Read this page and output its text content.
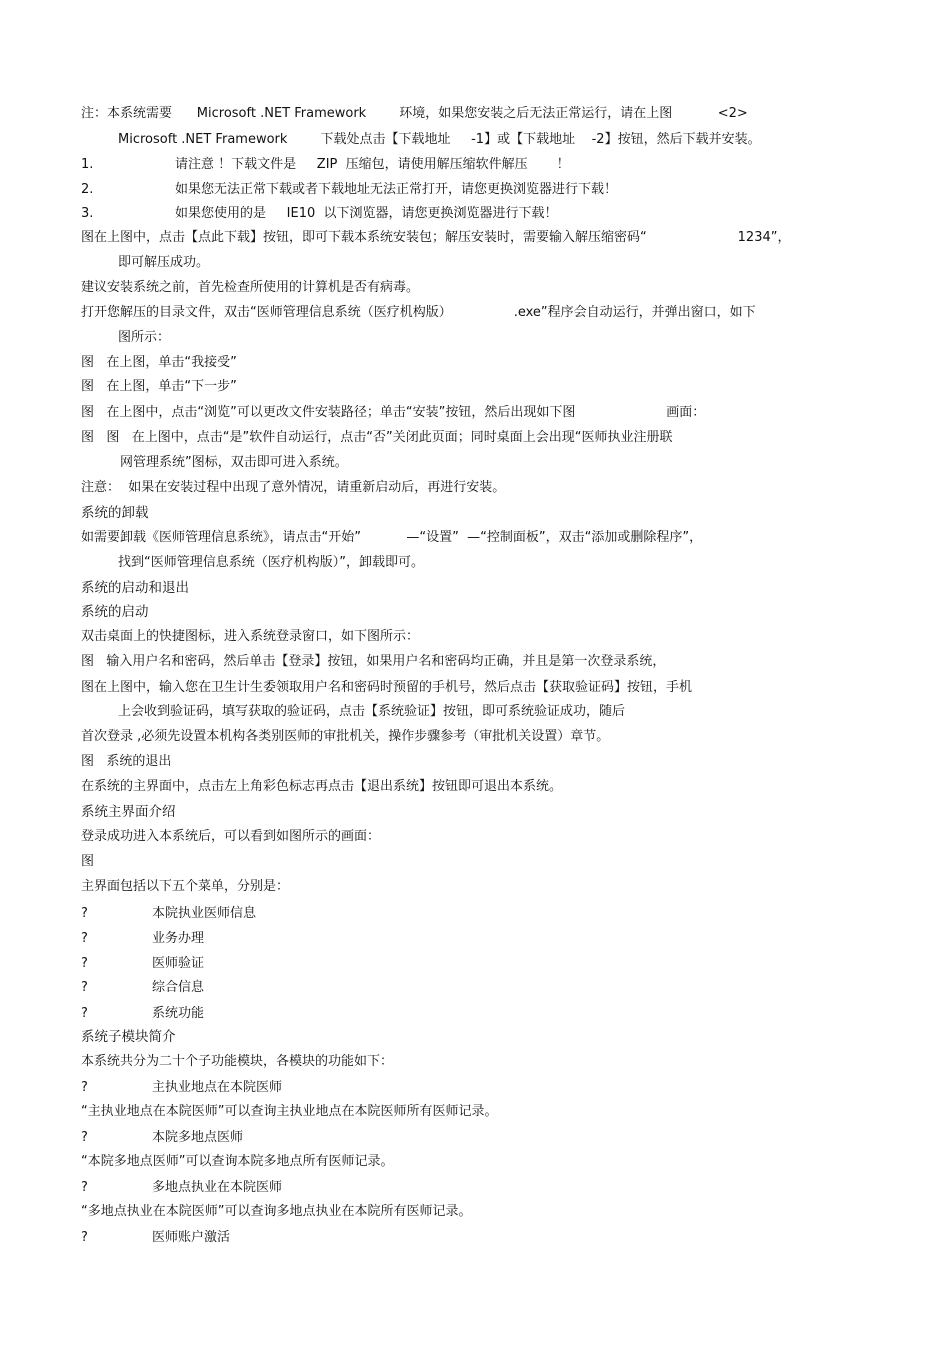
注：本系统需要      Microsoft .NET Framework        环境，如果您安装之后无法正常运行，请在上图           <2>
Microsoft .NET Framework        下载处点击【下载地址     -1】或【下载地址    -2】按钮，然后下载并安装。
1.	请注意 ！下载文件是     ZIP  压缩包，请使用解压缩软件解压       ！
2.	如果您无法正常下载或者下载地址无法正常打开，请您更换浏览器进行下载！
3.	如果您使用的是     IE10  以下浏览器，请您更换浏览器进行下载！
图在上图中，点击【点此下载】按钮，即可下载本系统安装包；解压安装时，需要输入解压缩密码“                      1234”，
即可解压成功。
建议安装系统之前，首先检查所使用的计算机是否有病毒。
打开您解压的目录文件，双击“医师管理信息系统（医疗机构版）               .exe”程序会自动运行，并弹出窗口，如下
图所示：
图   在上图，单击“我接受”
图   在上图，单击“下一步”
图   在上图中，点击“浏览”可以更改文件安装路径；单击“安装”按钮，然后出现如下图                      画面：
图   图   在上图中，点击“是”软件自动运行，点击“否”关闭此页面；同时桌面上会出现“医师执业注册联
网管理系统”图标，双击即可进入系统。
注意：  如果在安装过程中出现了意外情况，请重新启动后，再进行安装。
系统的卸载
如需要卸载《医师管理信息系统》，请点击“开始”           —“设置”  —“控制面板”，双击“添加或删除程序”，
找到“医师管理信息系统（医疗机构版）”，卸载即可。
系统的启动和退出
系统的启动
双击桌面上的快捷图标，进入系统登录窗口，如下图所示：
图   输入用户名和密码，然后单击【登录】按钮，如果用户名和密码均正确，并且是第一次登录系统，
图在上图中，输入您在卫生计生委领取用户名和密码时预留的手机号，然后点击【获取验证码】按钮，手机
上会收到验证码，填写获取的验证码，点击【系统验证】按钮，即可系统验证成功，随后
首次登录 ,必须先设置本机构各类别医师的审批机关，操作步骤参考（审批机关设置）章节。
图   系统的退出
在系统的主界面中，点击左上角彩色标志再点击【退出系统】按钮即可退出本系统。
系统主界面介绍
登录成功进入本系统后，可以看到如图所示的画面：
图
主界面包括以下五个菜单，分别是：
?	本院执业医师信息
?	业务办理
?	医师验证
?	综合信息
?	系统功能
系统子模块简介
本系统共分为二十个子功能模块，各模块的功能如下：
?	主执业地点在本院医师
“主执业地点在本院医师”可以查询主执业地点在本院医师所有医师记录。
?	本院多地点医师
“本院多地点医师”可以查询本院多地点所有医师记录。
?	多地点执业在本院医师
“多地点执业在本院医师”可以查询多地点执业在本院所有医师记录。
?	医师账户激活
